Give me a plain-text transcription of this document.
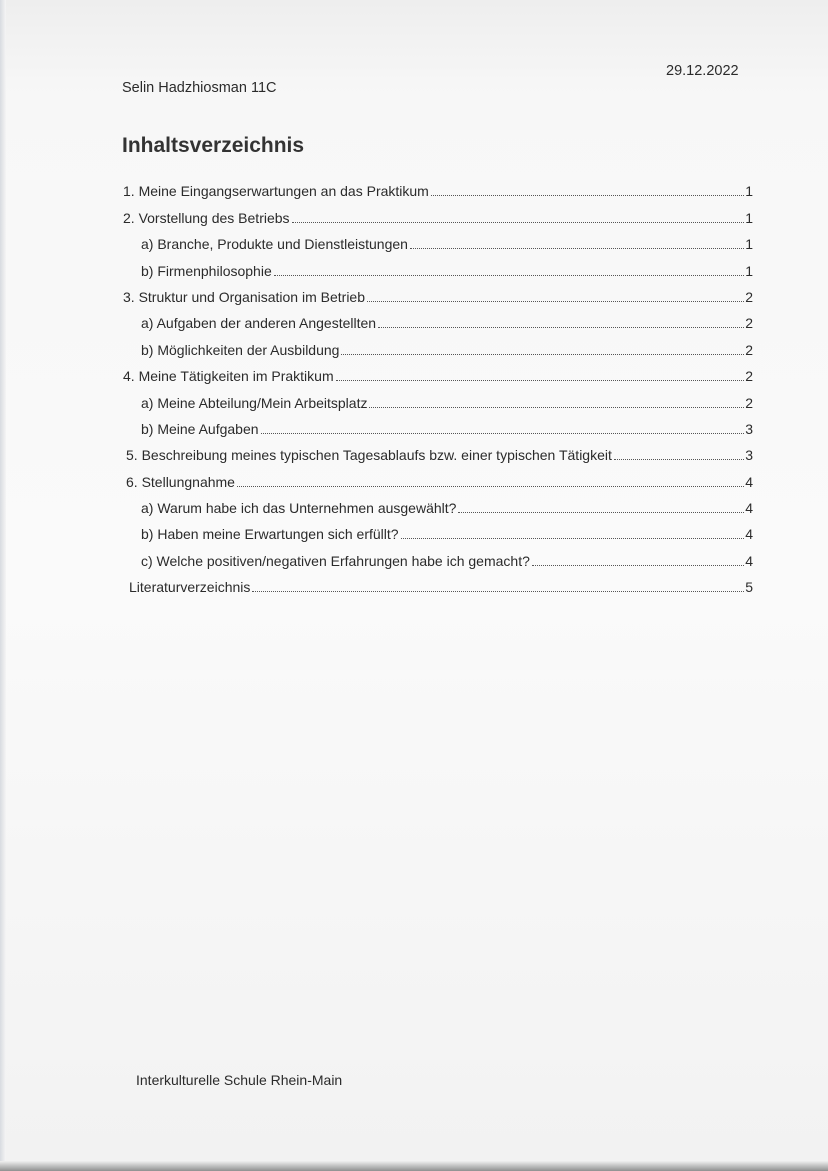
Selin Hadzhiosman 11C
29.12.2022
Inhaltsverzeichnis
1. Meine Eingangserwartungen an das Praktikum	1
2. Vorstellung des Betriebs	1
a) Branche, Produkte und Dienstleistungen	1
b) Firmenphilosophie	1
3. Struktur und Organisation im Betrieb	2
a) Aufgaben der anderen Angestellten	2
b) Möglichkeiten der Ausbildung	2
4. Meine Tätigkeiten im Praktikum	2
a) Meine Abteilung/Mein Arbeitsplatz	2
b) Meine Aufgaben	3
5. Beschreibung meines typischen Tagesablaufs bzw. einer typischen Tätigkeit	3
6. Stellungnahme	4
a) Warum habe ich das Unternehmen ausgewählt?	4
b) Haben meine Erwartungen sich erfüllt?	4
c) Welche positiven/negativen Erfahrungen habe ich gemacht?	4
Literaturverzeichnis	5
Interkulturelle Schule Rhein-Main
